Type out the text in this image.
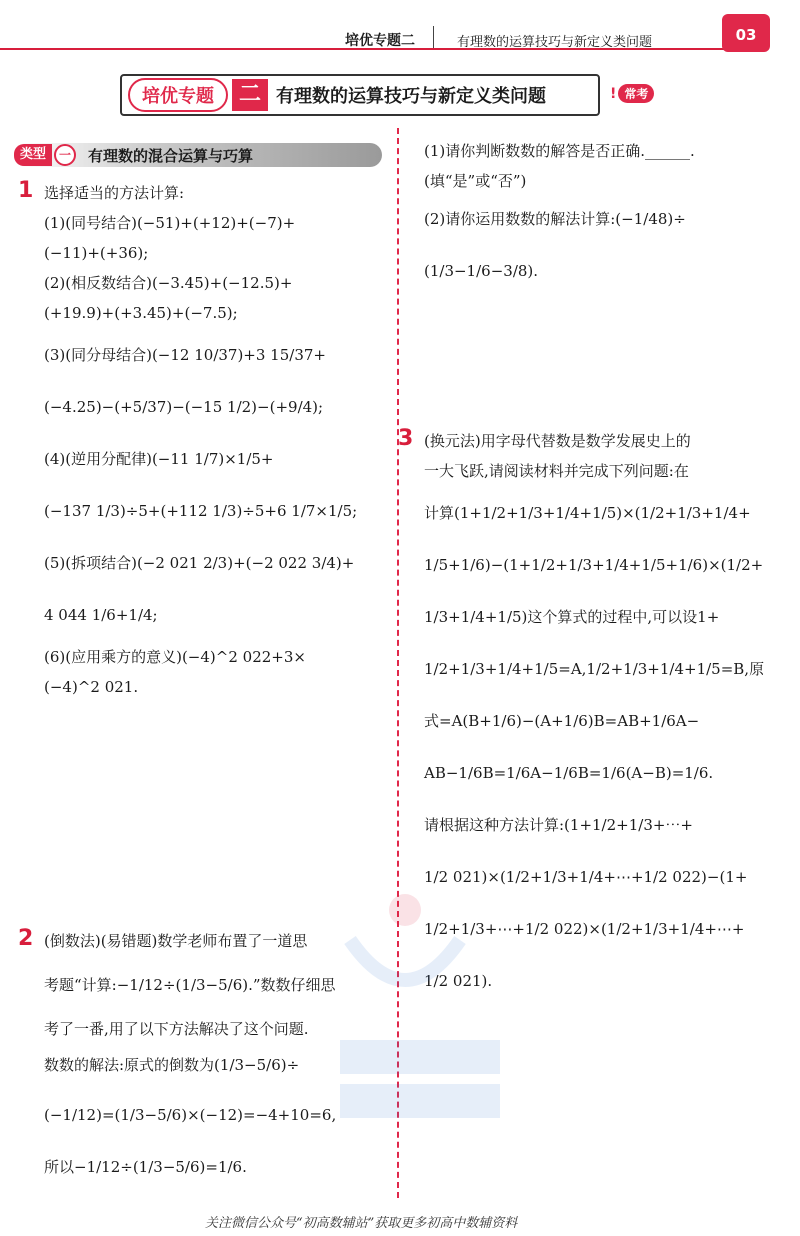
培优专题二	有理数的运算技巧与新定义类问题	03
培优专题	二 有理数的运算技巧与新定义类问题	! 常考
类型	一	有理数的混合运算与巧算
1 选择适当的方法计算:
(1)(同号结合)(−51)+(+12)+(−7)+
(−11)+(+36);
(2)(相反数结合)(−3.45)+(−12.5)+
(+19.9)+(+3.45)+(−7.5);
(3)(同分母结合)(−12 10/37)+3 15/37+
(−4.25)−(+5/37)−(−15 1/2)−(+9/4);
(4)(逆用分配律)(−11 1/7)×1/5+
(−137 1/3)÷5+(+112 1/3)÷5+6 1/7×1/5;
(5)(拆项结合)(−2 021 2/3)+(−2 022 3/4)+
4 044 1/6+1/4;
(6)(应用乘方的意义)(−4)^2 022+3×
(−4)^2 021.
2 (倒数法)(易错题)数学老师布置了一道思
考题“计算:−1/12÷(1/3−5/6).”数数仔细思
考了一番,用了以下方法解决了这个问题.
数数的解法:原式的倒数为(1/3−5/6)÷
(−1/12)=(1/3−5/6)×(−12)=−4+10=6,
所以−1/12÷(1/3−5/6)=1/6.
(1)请你判断数数的解答是否正确.______.
(填“是”或“否”)
(2)请你运用数数的解法计算:(−1/48)÷
(1/3−1/6−3/8).
3 (换元法)用字母代替数是数学发展史上的
一大飞跃,请阅读材料并完成下列问题:在
计算(1+1/2+1/3+1/4+1/5)×(1/2+1/3+1/4+
1/5+1/6)−(1+1/2+1/3+1/4+1/5+1/6)×(1/2+
1/3+1/4+1/5)这个算式的过程中,可以设1+
1/2+1/3+1/4+1/5=A,1/2+1/3+1/4+1/5=B,原
式=A(B+1/6)−(A+1/6)B=AB+1/6A−
AB−1/6B=1/6A−1/6B=1/6(A−B)=1/6.
请根据这种方法计算:(1+1/2+1/3+⋯+
1/2 021)×(1/2+1/3+1/4+⋯+1/2 022)−(1+
1/2+1/3+⋯+1/2 022)×(1/2+1/3+1/4+⋯+
1/2 021).
关注微信公众号“初高数辅站”获取更多初高中数辅资料
